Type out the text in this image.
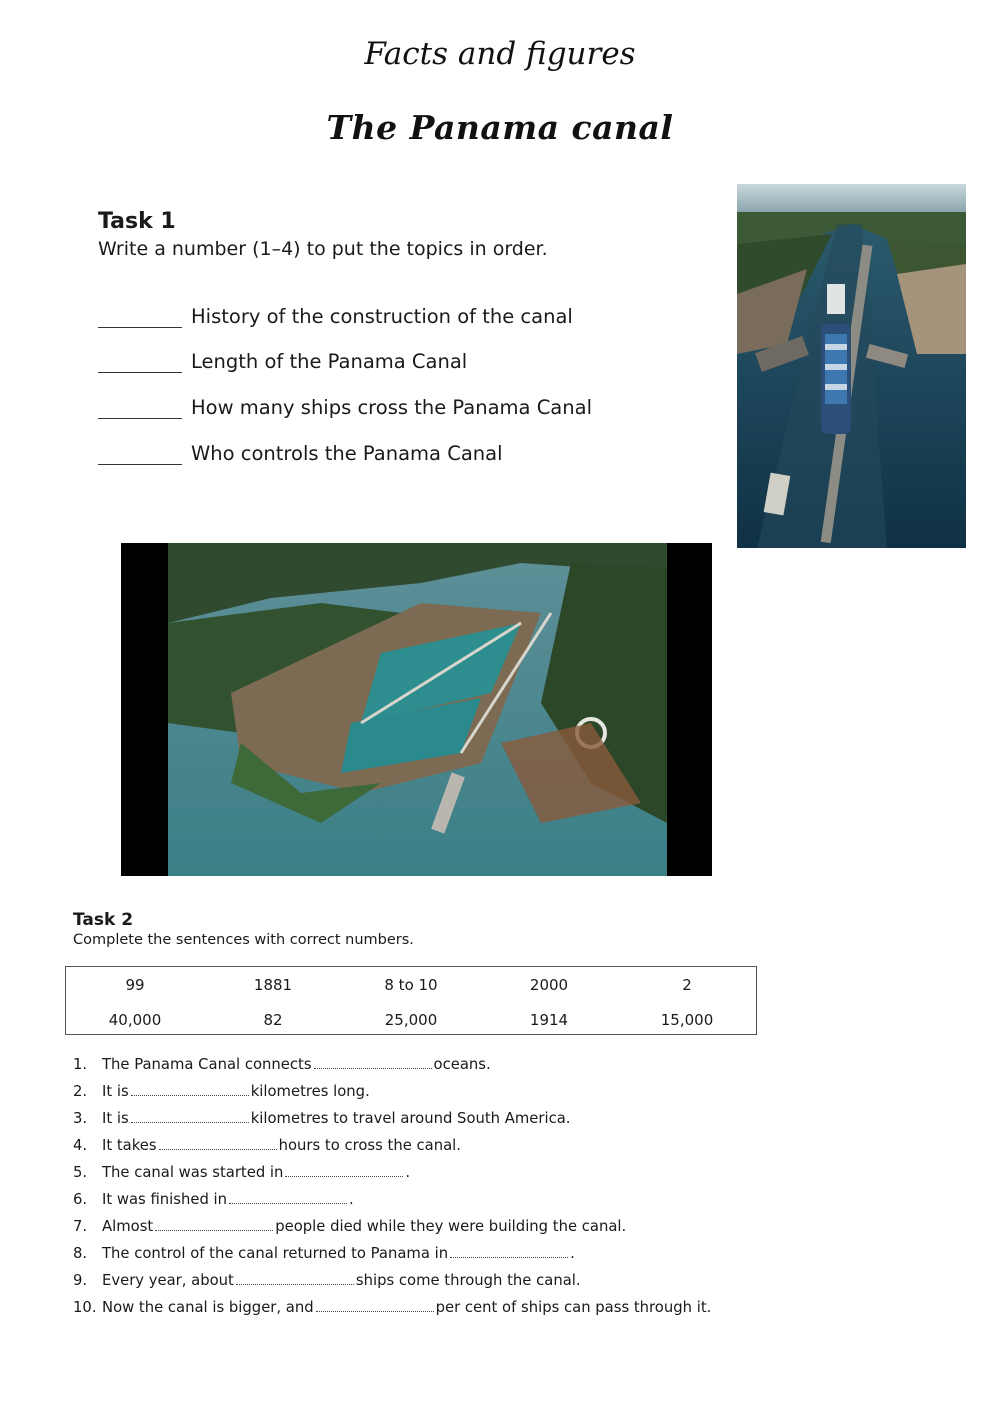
Facts and figures
The Panama canal
Task 1
Write a number (1–4) to put the topics in order.
History of the construction of the canal
Length of the Panama Canal
How many ships cross the Panama Canal
Who controls the Panama Canal
Task 2
Complete the sentences with correct numbers.
99	1881	8 to 10	2000	2
40,000	82	25,000	1914	15,000
1. The Panama Canal connects	oceans.
2. It is	kilometres long.
3. It is	kilometres to travel around South America.
4. It takes	hours to cross the canal.
5. The canal was started in	.
6. It was finished in	.
7. Almost	people died while they were building the canal.
8. The control of the canal returned to Panama in	.
9. Every year, about	ships come through the canal.
10. Now the canal is bigger, and	per cent of ships can pass through it.
